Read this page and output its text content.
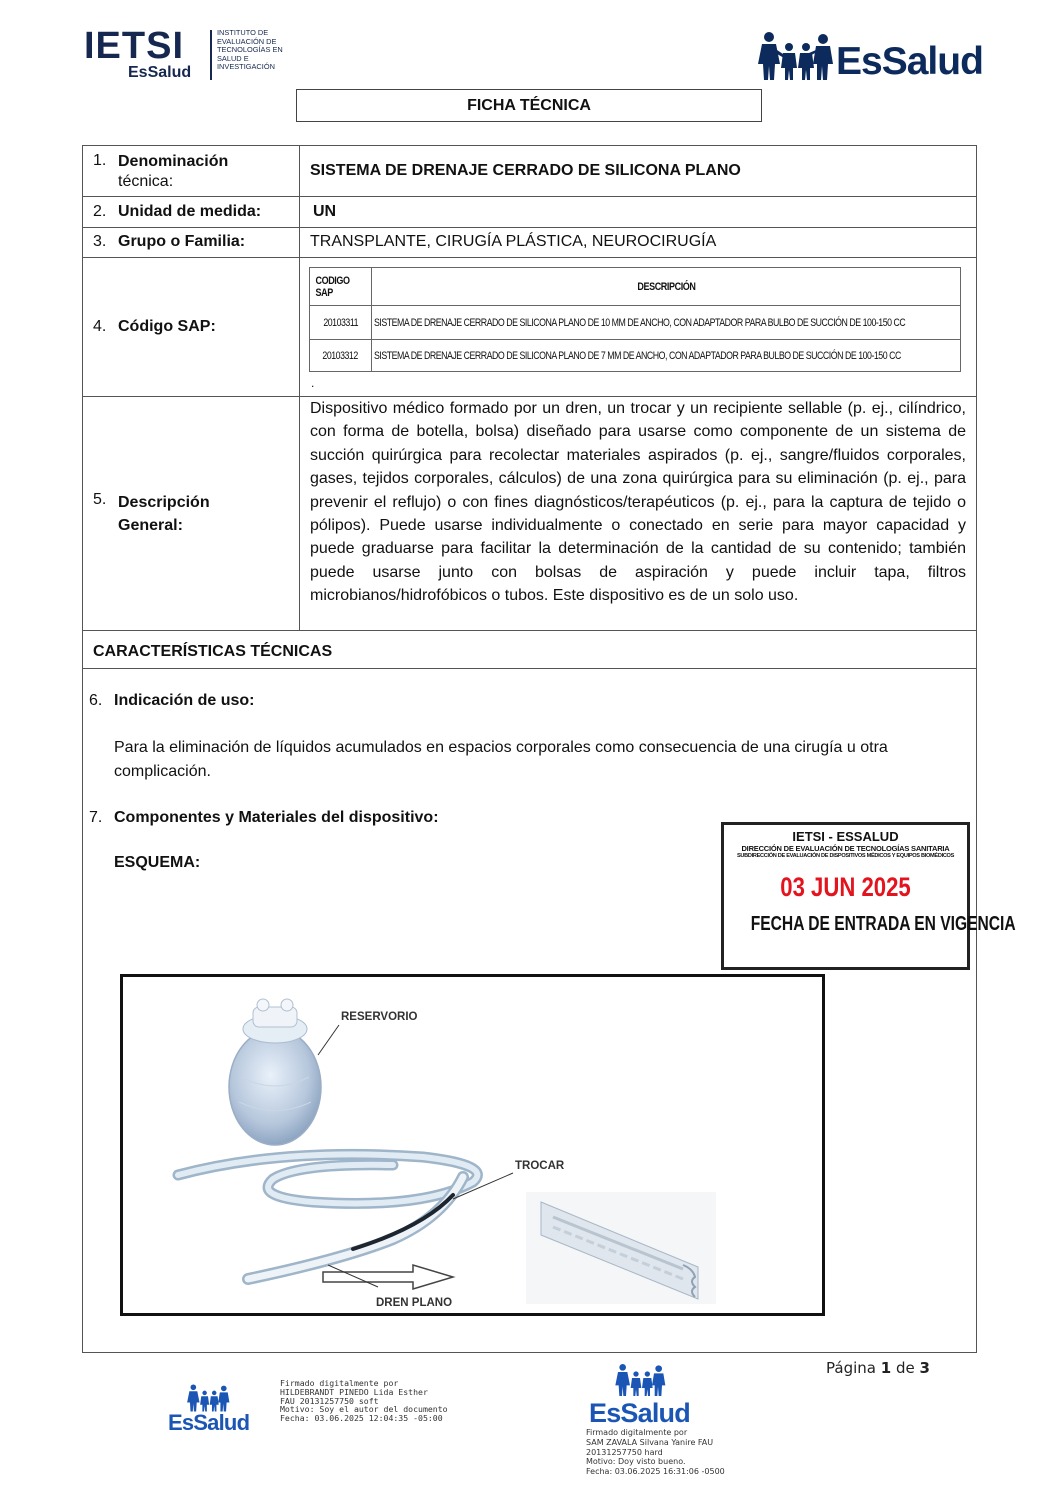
IETSI
EsSalud
INSTITUTO DE
EVALUACIÓN DE
TECNOLOGÍAS EN
SALUD E
INVESTIGACIÓN	EsSalud
FICHA TÉCNICA
1. Denominación
técnica:
SISTEMA DE DRENAJE CERRADO DE SILICONA PLANO
2. Unidad de medida:	UN
3. Grupo o Familia:	TRANSPLANTE, CIRUGÍA PLÁSTICA, NEUROCIRUGÍA
4. Código SAP:
CODIGO SAP	DESCRIPCIÓN
20103311 SISTEMA DE DRENAJE CERRADO DE SILICONA PLANO DE 10 MM DE ANCHO, CON ADAPTADOR PARA BULBO DE SUCCIÓN DE 100-150 CC
20103312 SISTEMA DE DRENAJE CERRADO DE SILICONA PLANO DE 7 MM DE ANCHO, CON ADAPTADOR PARA BULBO DE SUCCIÓN DE 100-150 CC
.
5. Descripción
General:
Dispositivo médico formado por un dren, un trocar y un recipiente sellable (p. ej., cilíndrico, con forma de botella, bolsa) diseñado para usarse como componente de un sistema de succión quirúrgica para recolectar materiales aspirados (p. ej., sangre/fluidos corporales, gases, tejidos corporales, cálculos) de una zona quirúrgica para su eliminación (p. ej., para prevenir el reflujo) o con fines diagnósticos/terapéuticos (p. ej., para la captura de tejido o pólipos). Puede usarse individualmente o conectado en serie para mayor capacidad y puede graduarse para facilitar la determinación de la cantidad de su contenido; también puede usarse junto con bolsas de aspiración y puede incluir tapa, filtros microbianos/hidrofóbicos o tubos. Este dispositivo es de un solo uso.
CARACTERÍSTICAS TÉCNICAS
6. Indicación de uso:
Para la eliminación de líquidos acumulados en espacios corporales como consecuencia de una cirugía u otra complicación.
7. Componentes y Materiales del dispositivo:
ESQUEMA:
IETSI - ESSALUD
DIRECCIÓN DE EVALUACIÓN DE TECNOLOGÍAS SANITARIA
SUBDIRECCIÓN DE EVALUACIÓN DE DISPOSITIVOS MÉDICOS Y EQUIPOS BIOMÉDICOS
03 JUN 2025
FECHA DE ENTRADA EN VIGENCIA
RESERVORIO
TROCAR
DREN PLANO
Página 1 de 3
EsSalud
Firmado digitalmente por
HILDEBRANDT PINEDO Lida Esther
FAU 20131257750 soft
Motivo: Soy el autor del documento
Fecha: 03.06.2025 12:04:35 -05:00	EsSalud
Firmado digitalmente por
SAM ZAVALA Silvana Yanire FAU
20131257750 hard
Motivo: Doy visto bueno.
Fecha: 03.06.2025 16:31:06 -0500
